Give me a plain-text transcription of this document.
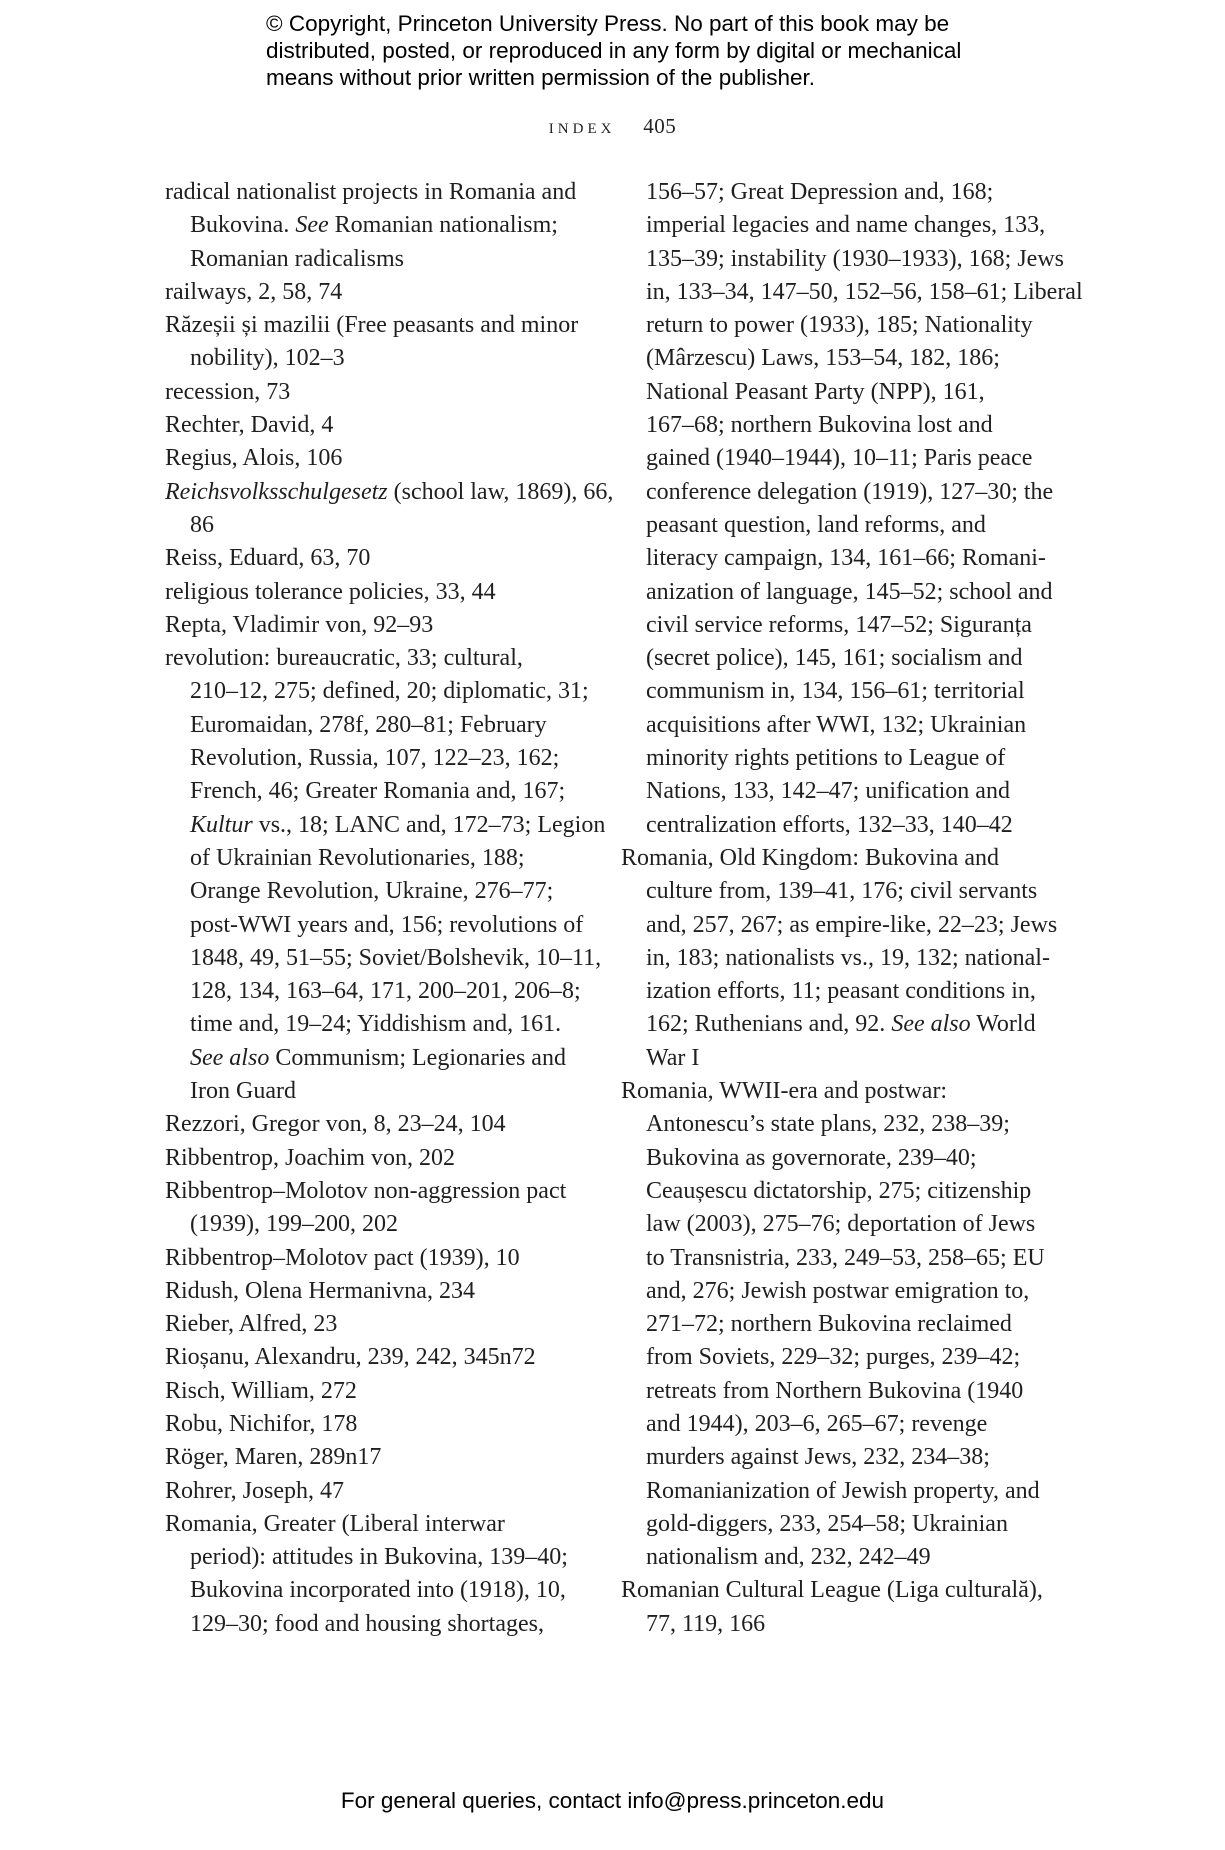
© Copyright, Princeton University Press. No part of this book may be
distributed, posted, or reproduced in any form by digital or mechanical
means without prior written permission of the publisher.
index 405
radical nationalist projects in Romania and
Bukovina. See Romanian nationalism;
Romanian radicalisms
railways, 2, 58, 74
Răzeșii și mazilii (Free peasants and minor
nobility), 102–3
recession, 73
Rechter, David, 4
Regius, Alois, 106
Reichsvolksschulgesetz (school law, 1869), 66,
86
Reiss, Eduard, 63, 70
religious tolerance policies, 33, 44
Repta, Vladimir von, 92–93
revolution: bureaucratic, 33; cultural,
210–12, 275; defined, 20; diplomatic, 31;
Euromaidan, 278f, 280–81; February
Revolution, Russia, 107, 122–23, 162;
French, 46; Greater Romania and, 167;
Kultur vs., 18; LANC and, 172–73; Legion
of Ukrainian Revolutionaries, 188;
Orange Revolution, Ukraine, 276–77;
post-WWI years and, 156; revolutions of
1848, 49, 51–55; Soviet/Bolshevik, 10–11,
128, 134, 163–64, 171, 200–201, 206–8;
time and, 19–24; Yiddishism and, 161.
See also Communism; Legionaries and
Iron Guard
Rezzori, Gregor von, 8, 23–24, 104
Ribbentrop, Joachim von, 202
Ribbentrop–Molotov non-aggression pact
(1939), 199–200, 202
Ribbentrop–Molotov pact (1939), 10
Ridush, Olena Hermanivna, 234
Rieber, Alfred, 23
Rioșanu, Alexandru, 239, 242, 345n72
Risch, William, 272
Robu, Nichifor, 178
Röger, Maren, 289n17
Rohrer, Joseph, 47
Romania, Greater (Liberal interwar
period): attitudes in Bukovina, 139–40;
Bukovina incorporated into (1918), 10,
129–30; food and housing shortages,
156–57; Great Depression and, 168;
imperial legacies and name changes, 133,
135–39; instability (1930–1933), 168; Jews
in, 133–34, 147–50, 152–56, 158–61; Liberal
return to power (1933), 185; Nationality
(Mârzescu) Laws, 153–54, 182, 186;
National Peasant Party (NPP), 161,
167–68; northern Bukovina lost and
gained (1940–1944), 10–11; Paris peace
conference delegation (1919), 127–30; the
peasant question, land reforms, and
literacy campaign, 134, 161–66; Romani-
anization of language, 145–52; school and
civil service reforms, 147–52; Siguranța
(secret police), 145, 161; socialism and
communism in, 134, 156–61; territorial
acquisitions after WWI, 132; Ukrainian
minority rights petitions to League of
Nations, 133, 142–47; unification and
centralization efforts, 132–33, 140–42
Romania, Old Kingdom: Bukovina and
culture from, 139–41, 176; civil servants
and, 257, 267; as empire-like, 22–23; Jews
in, 183; nationalists vs., 19, 132; national-
ization efforts, 11; peasant conditions in,
162; Ruthenians and, 92. See also World
War I
Romania, WWII-era and postwar:
Antonescu’s state plans, 232, 238–39;
Bukovina as governorate, 239–40;
Ceaușescu dictatorship, 275; citizenship
law (2003), 275–76; deportation of Jews
to Transnistria, 233, 249–53, 258–65; EU
and, 276; Jewish postwar emigration to,
271–72; northern Bukovina reclaimed
from Soviets, 229–32; purges, 239–42;
retreats from Northern Bukovina (1940
and 1944), 203–6, 265–67; revenge
murders against Jews, 232, 234–38;
Romanianization of Jewish property, and
gold-diggers, 233, 254–58; Ukrainian
nationalism and, 232, 242–49
Romanian Cultural League (Liga culturală),
77, 119, 166
For general queries, contact info@press.princeton.edu
